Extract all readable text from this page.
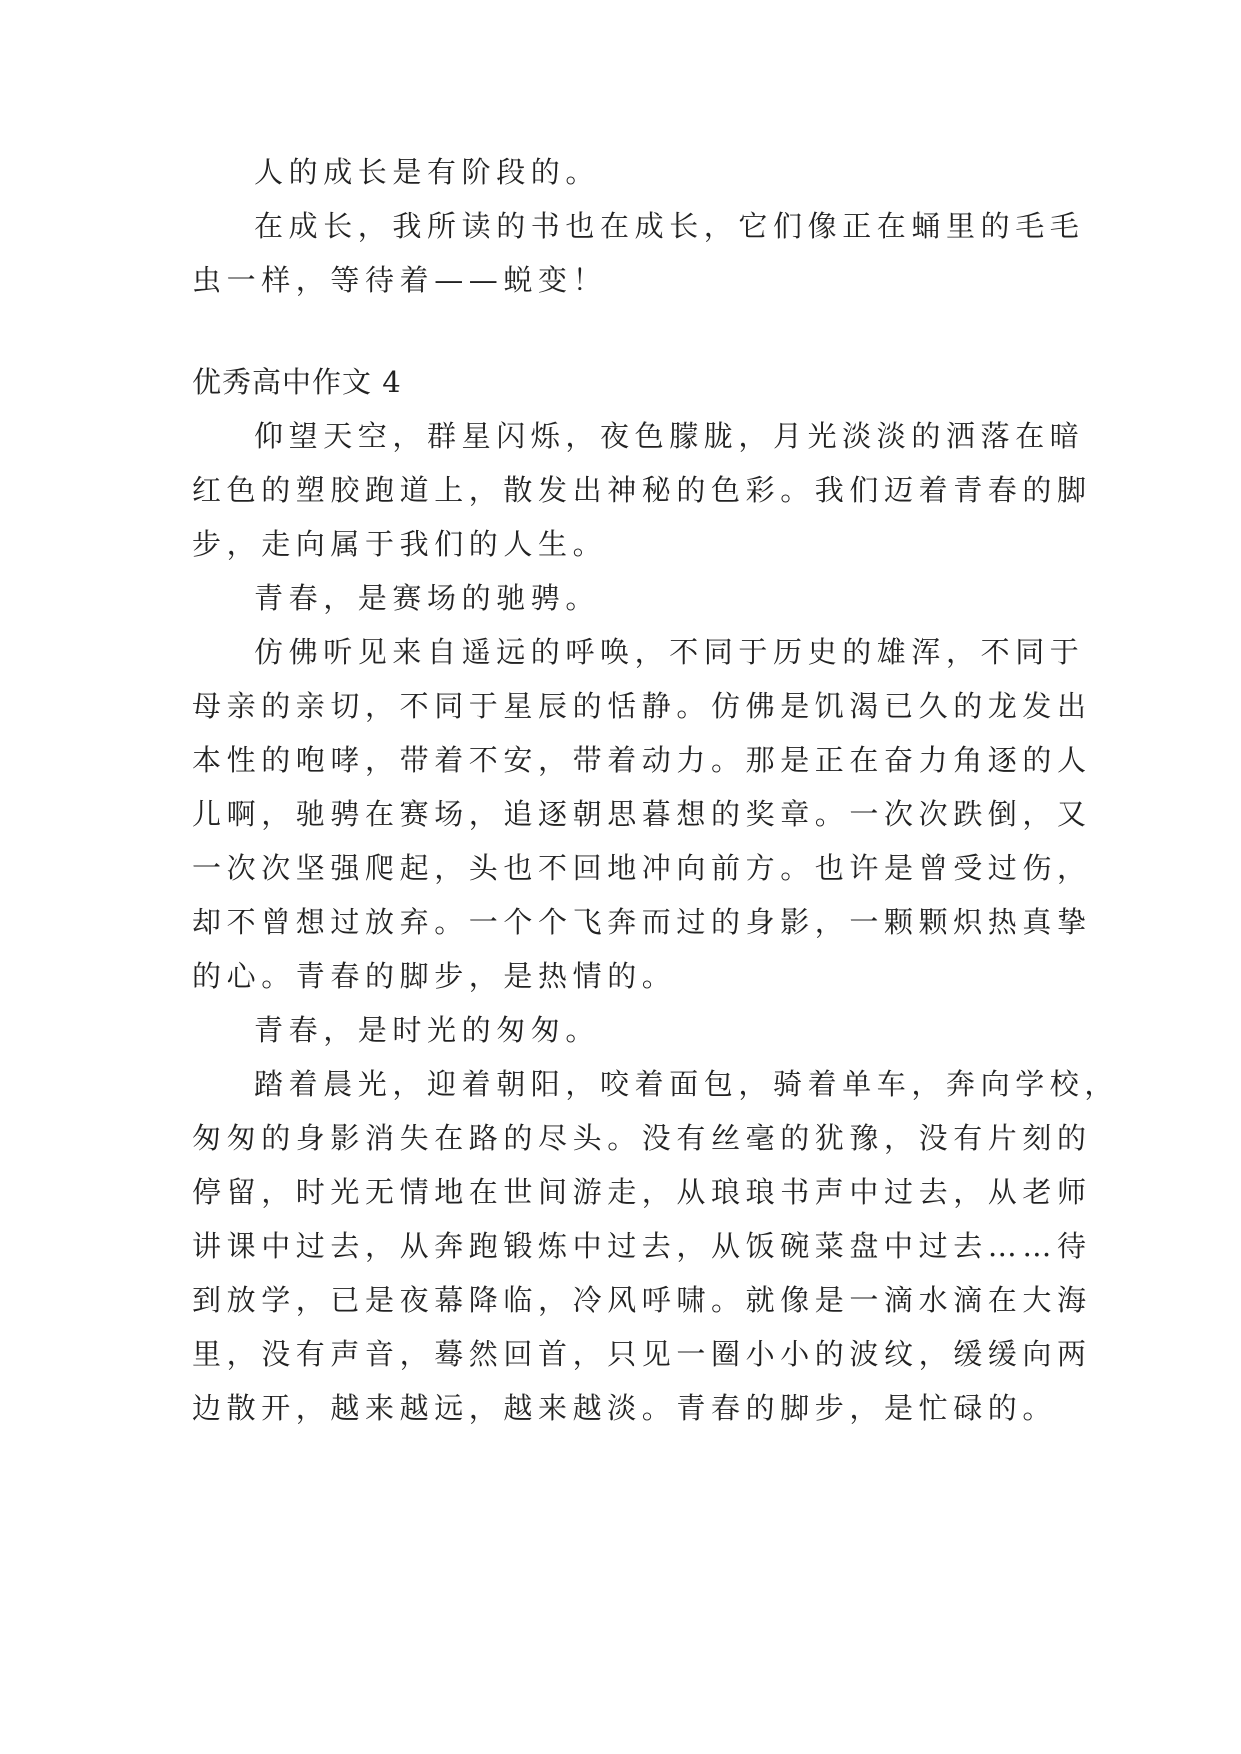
人的成长是有阶段的。
在成长，我所读的书也在成长，它们像正在蛹里的毛毛
虫一样，等待着——蜕变！
优秀高中作文 4
仰望天空，群星闪烁，夜色朦胧，月光淡淡的洒落在暗
红色的塑胶跑道上，散发出神秘的色彩。我们迈着青春的脚
步，走向属于我们的人生。
青春，是赛场的驰骋。
仿佛听见来自遥远的呼唤，不同于历史的雄浑，不同于
母亲的亲切，不同于星辰的恬静。仿佛是饥渴已久的龙发出
本性的咆哮，带着不安，带着动力。那是正在奋力角逐的人
儿啊，驰骋在赛场，追逐朝思暮想的奖章。一次次跌倒，又
一次次坚强爬起，头也不回地冲向前方。也许是曾受过伤，
却不曾想过放弃。一个个飞奔而过的身影，一颗颗炽热真挚
的心。青春的脚步，是热情的。
青春，是时光的匆匆。
踏着晨光，迎着朝阳，咬着面包，骑着单车，奔向学校，
匆匆的身影消失在路的尽头。没有丝毫的犹豫，没有片刻的
停留，时光无情地在世间游走，从琅琅书声中过去，从老师
讲课中过去，从奔跑锻炼中过去，从饭碗菜盘中过去……待
到放学，已是夜幕降临，冷风呼啸。就像是一滴水滴在大海
里，没有声音，蓦然回首，只见一圈小小的波纹，缓缓向两
边散开，越来越远，越来越淡。青春的脚步，是忙碌的。
